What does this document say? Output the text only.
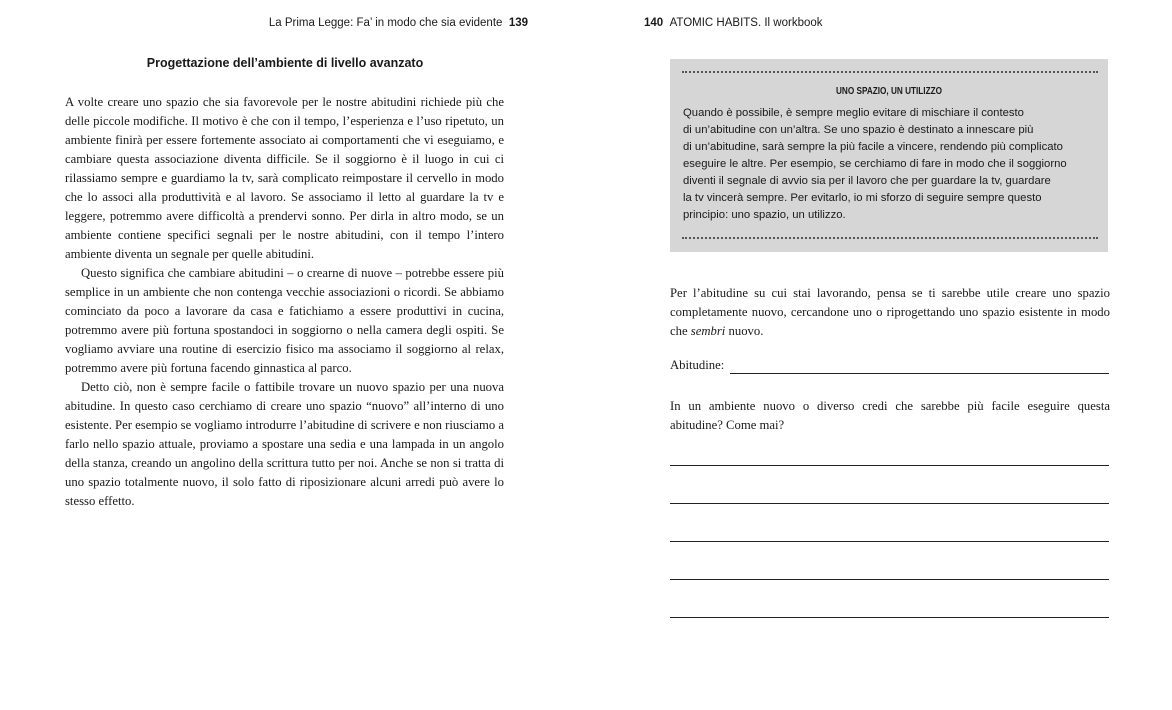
La Prima Legge: Fa’ in modo che sia evidente 139
Progettazione dell’ambiente di livello avanzato

A volte creare uno spazio che sia favorevole per le nostre abitudini richiede più che delle piccole modifiche. Il motivo è che con il tempo, l’esperienza e l’uso ripetuto, un ambiente finirà per essere fortemente associato ai comportamenti che vi eseguiamo, e cambiare questa associazione diventa difficile. Se il soggiorno è il luogo in cui ci rilassiamo sempre e guardiamo la tv, sarà complicato reimpostare il cervello in modo che lo associ alla produttività e al lavoro. Se associamo il letto al guardare la tv e leggere, potremmo avere difficoltà a prendervi sonno. Per dirla in altro modo, se un ambiente contiene specifici segnali per le nostre abitudini, con il tempo l’intero ambiente diventa un segnale per quelle abitudini.

Questo significa che cambiare abitudini – o crearne di nuove – potrebbe essere più semplice in un ambiente che non contenga vecchie associazioni o ricordi. Se abbiamo cominciato da poco a lavorare da casa e fatichiamo a essere produttivi in cucina, potremmo avere più fortuna spostandoci in soggiorno o nella camera degli ospiti. Se vogliamo avviare una routine di esercizio fisico ma associamo il soggiorno al relax, potremmo avere più fortuna facendo ginnastica al parco.

Detto ciò, non è sempre facile o fattibile trovare un nuovo spazio per una nuova abitudine. In questo caso cerchiamo di creare uno spazio “nuovo” all’interno di uno esistente. Per esempio se vogliamo introdurre l’abitudine di scrivere e non riusciamo a farlo nello spazio attuale, proviamo a spostare una sedia e una lampada in un angolo della stanza, creando un angolino della scrittura tutto per noi. Anche se non si tratta di uno spazio totalmente nuovo, il solo fatto di riposizionare alcuni arredi può avere lo stesso effetto.

140 ATOMIC HABITS. Il workbook
UNO SPAZIO, UN UTILIZZO
Quando è possibile, è sempre meglio evitare di mischiare il contesto
di un’abitudine con un’altra. Se uno spazio è destinato a innescare più
di un’abitudine, sarà sempre la più facile a vincere, rendendo più complicato
eseguire le altre. Per esempio, se cerchiamo di fare in modo che il soggiorno
diventi il segnale di avvio sia per il lavoro che per guardare la tv, guardare
la tv vincerà sempre. Per evitarlo, io mi sforzo di seguire sempre questo
principio: uno spazio, un utilizzo.
Per l’abitudine su cui stai lavorando, pensa se ti sarebbe utile creare uno spazio completamente nuovo, cercandone uno o riprogettando uno spazio esistente in modo che sembri nuovo.
Abitudine:
In un ambiente nuovo o diverso credi che sarebbe più facile eseguire questa abitudine? Come mai?
